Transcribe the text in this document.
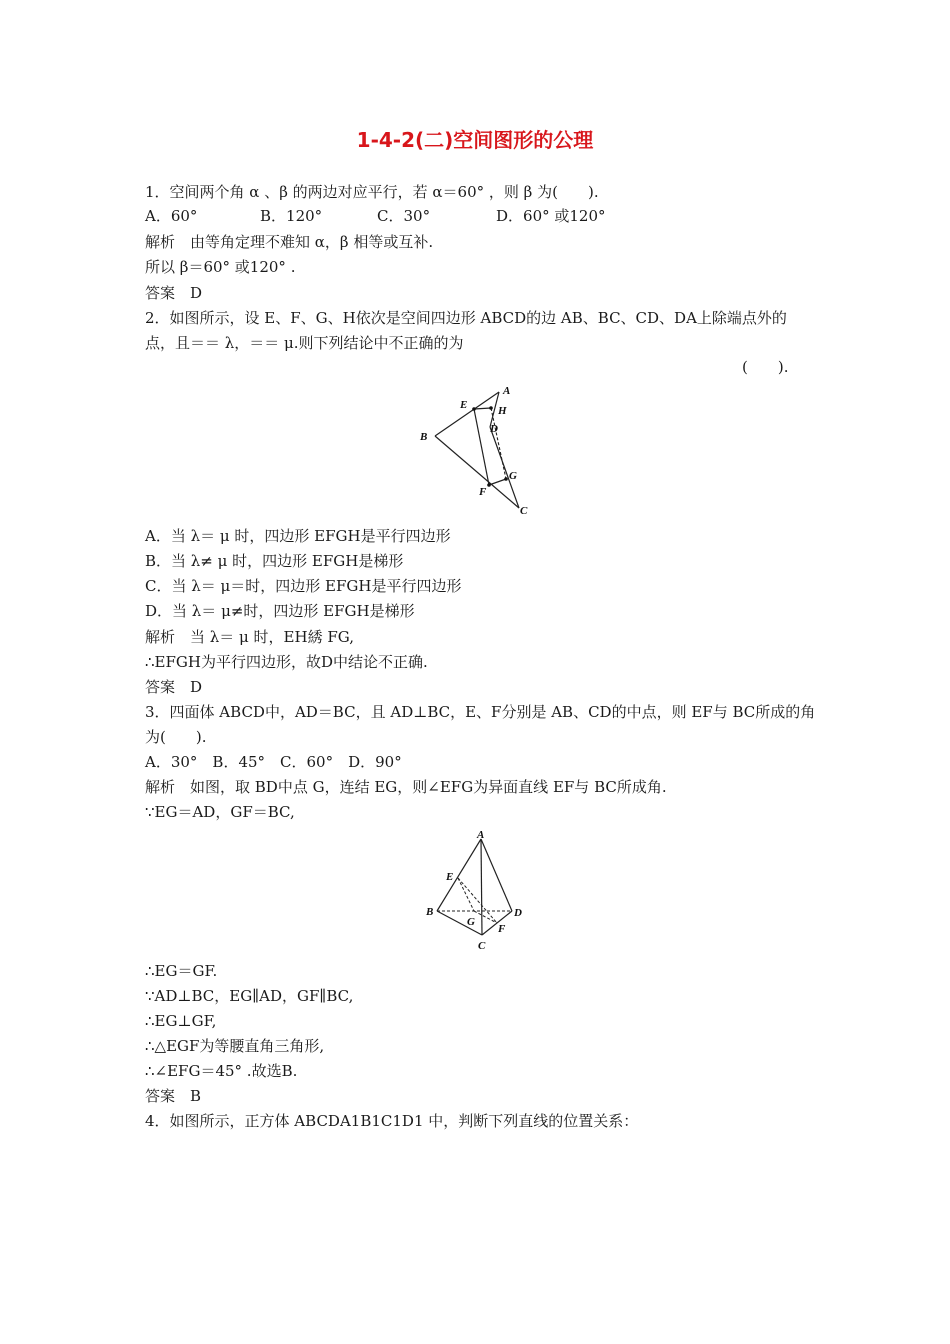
1-4-2(二)空间图形的公理
1．空间两个角 α 、β 的两边对应平行，若 α＝60° ，则 β 为(　　).
A．60°	B．120°	C．30°	D．60° 或120°
解析　由等角定理不难知 α，β 相等或互补.
所以 β＝60° 或120° .
答案　D
2．如图所示，设 E、F、G、H依次是空间四边形 ABCD的边 AB、BC、CD、DA上除端点外的
点，且＝＝ λ，＝＝ μ.则下列结论中不正确的为
(　　).
A
E	H
D
B
G
F
C
A．当 λ＝ μ 时，四边形 EFGH是平行四边形
B．当 λ≠ μ 时，四边形 EFGH是梯形
C．当 λ＝ μ＝时，四边形 EFGH是平行四边形
D．当 λ＝ μ≠时，四边形 EFGH是梯形
解析　当 λ＝ μ 时，EH綉 FG,
∴EFGH为平行四边形，故D中结论不正确.
答案　D
3．四面体 ABCD中，AD＝BC，且 AD⊥BC，E、F分别是 AB、CD的中点，则 EF与 BC所成的角
为(　　).
A．30°　B．45°　C．60°　D．90°
解析　如图，取 BD中点 G，连结 EG，则∠EFG为异面直线 EF与 BC所成角.
∵EG＝AD，GF＝BC,
A
E
B
G
D
F
C
∴EG＝GF.
∵AD⊥BC，EG∥AD，GF∥BC,
∴EG⊥GF,
∴△EGF为等腰直角三角形,
∴∠EFG＝45° .故选B.
答案　B
4．如图所示，正方体 ABCDA1B1C1D1 中，判断下列直线的位置关系：
